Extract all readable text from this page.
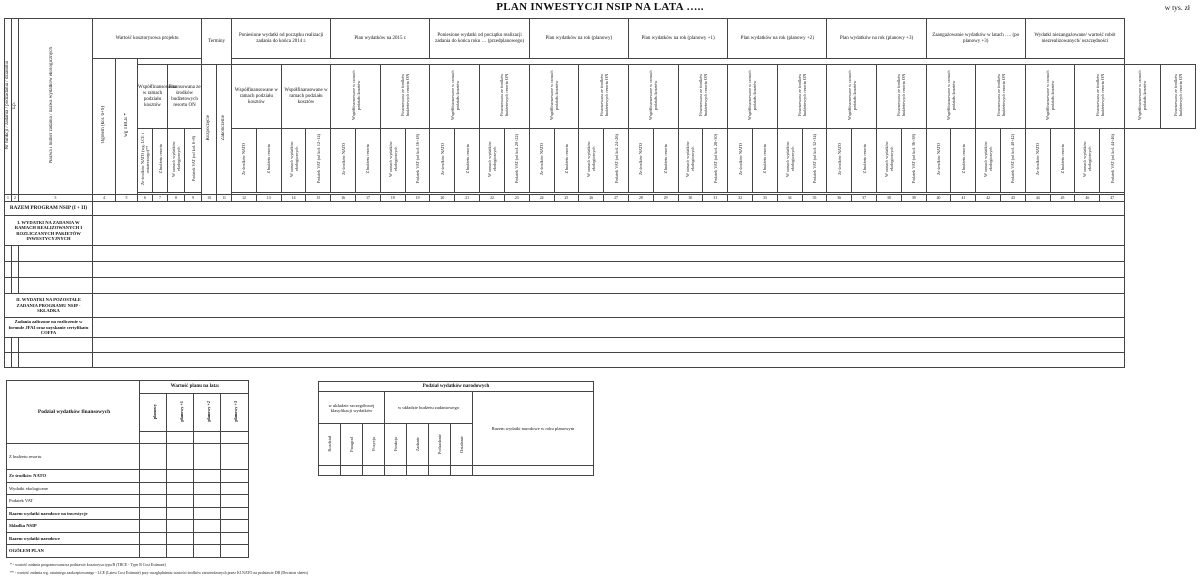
PLAN INWESTYCJI NSIP NA LATA …..	w tys. zł
Nr funkcji / zadania / podzadania / działania	Lp.	Nazwa i numer zadania / nazwa wydatków ekologicznych	Wartość kosztorysowa projektu						Terminy		Poniesione wydatki od początku realizacji zadania do końca 2014 r.				Plan wydatków na 2015 r.				Poniesione wydatki od początku realizacji zadania do końca roku … (przedplanowego)				Plan wydatków na rok (planowy)				Plan wydatków na rok (planowy +1)				Plan wydatków na rok (planowy +2)				Plan wydatków na rok (planowy +3)				Zaangażowanie wydatków w latach …. (po planowy +3)				Wydatki niezangażowane/ wartość robót niezrealizowanych/ oszczędności					
			Ogółem (kol. 6+9)	wg TBCE *																																												
					Współfinansowana w ramach podziału kosztów		Finansowana ze środków budżetowych resortu ON		Rozpoczęcie	Zakończenie	Współfinansowane w ramach podziału kosztów		Współfinansowane w ramach podziału kosztów		Współfinansowane w ramach podziału kosztów		Finansowana ze środków budżetowych resortu ON		Współfinansowane w ramach podziału kosztów		Finansowana ze środków budżetowych resortu ON		Współfinansowane w ramach podziału kosztów		Finansowana ze środków budżetowych resortu ON		Współfinansowane w ramach podziału kosztów		Finansowana ze środków budżetowych resortu ON		Współfinansowane w ramach podziału kosztów		Finansowana ze środków budżetowych resortu ON		Współfinansowane w ramach podziału kosztów		Finansowana ze środków budżetowych resortu ON		Współfinansowane w ramach podziału kosztów		Finansowana ze środków budżetowych resortu ON		Współfinansowane w ramach podziału kosztów		Finansowana ze środków budżetowych resortu ON		Współfinansowane w ramach podziału kosztów	Finansowana ze środków budżetowych resortu ON
					Ze środków NATO (wg. LCE i ostatecznego)**	Z budżetu resortu	W ramach wydatków ekologicznych	Podatek VAT (od kol. 6+8)			Ze środków NATO	Z budżetu resortu	W ramach wydatków ekologicznych	Podatek VAT (od kol. 12+14)	Ze środków NATO	Z budżetu resortu	W ramach wydatków ekologicznych	Podatek VAT (od kol. 16+18)	Ze środków NATO	Z budżetu resortu	W ramach wydatków ekologicznych	Podatek VAT (od kol. 20+22)	Ze środków NATO	Z budżetu resortu	W ramach wydatków ekologicznych	Podatek VAT (od kol. 24+26)	Ze środków NATO	Z budżetu resortu	W ramach wydatków ekologicznych	Podatek VAT (od kol. 28+30)	Ze środków NATO	Z budżetu resortu	W ramach wydatków ekologicznych	Podatek VAT (od kol. 32+34)	Ze środków NATO	Z budżetu resortu	W ramach wydatków ekologicznych	Podatek VAT (od kol. 36+38)	Ze środków NATO	Z budżetu resortu	W ramach wydatków ekologicznych	Podatek VAT (od kol. 40+42)	Ze środków NATO	Z budżetu resortu	W ramach wydatków ekologicznych	Podatek VAT (od kol. 44+46)		

1	2	3	4	5	6	7	8	9	10	11	12	13	14	15	16	17	18	19	20	21	22	23	24	25	26	27	28	29	30	31	32	33	34	35	36	37	38	39	40	41	42	43	44	45	46	47		
RAZEM PROGRAM NSIP (I + II)																																																
I. WYDATKI NA ZADANIA W RAMACH REALIZOWANYCH I ROZLICZANYCH PAKIETÓW INWESTYCYJNYCH																																																

II. WYDATKI NA POZOSTAŁE ZADANIA PROGRAMU NSIP - SKŁADKA																																																
Zadania zaliczone na rozliczenie w formule JFAI oraz uzyskanie certyfikatu COFFA																																																

Podział wydatków finansowych	Wartość planu na lata:			
	planowy	planowy +1	planowy +2	planowy +3

Z budżetu resortu				
Ze środków NATO				
Wydatki ekologiczne				
Podatek VAT				
Razem wydatki narodowe na inwestycje				
Składka NSIP				
Razem wydatki narodowe				
OGÓŁEM PLAN				
Podział wydatków narodowych							
w układzie szczegółowej klasyfikacji wydatków			w układzie budżetu zadaniowego				Razem wydatki narodowe w roku planowym
Rozdział	Paragraf	Pozycja	Funkcja	Zadanie	Podzadanie	Działanie	

* - wartość zadania programowana na podstawie kosztorysu typu B (TBCE - Type B Cost Estimate)
** - wartość zadania wg. ostatniego zaakceptowanego - LCE (Latest Cost Estimate) przy uwzględnieniu wartości środków zatwierdzonych przez KI NATO na podstawie DB (Decision sheets)
